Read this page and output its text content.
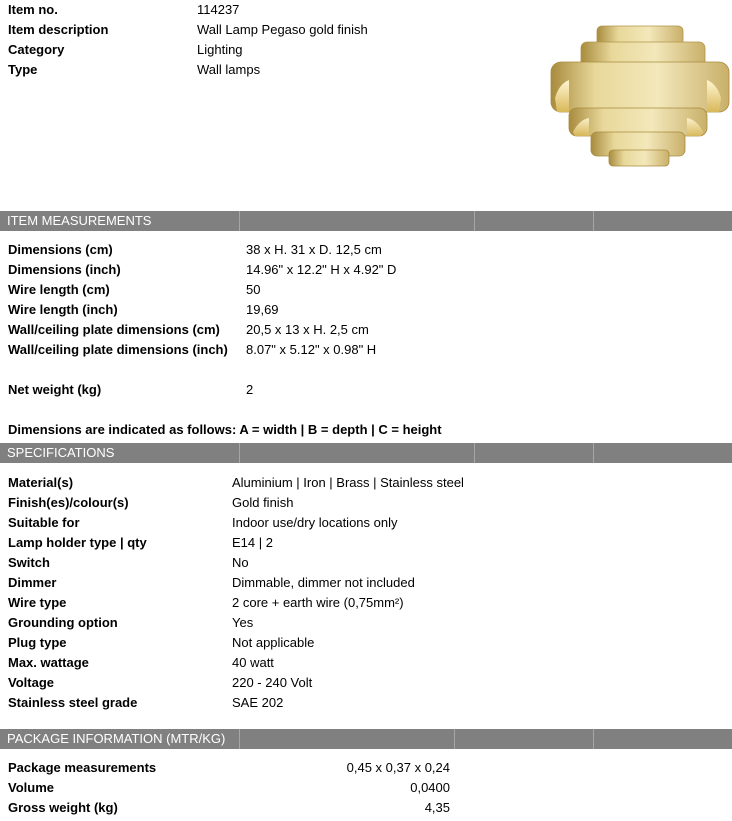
Item no.	114237
Item description	Wall Lamp Pegaso gold finish
Category	Lighting
Type	Wall lamps
ITEM MEASUREMENTS
Dimensions (cm)	38 x H. 31 x D. 12,5 cm
Dimensions (inch)	14.96" x 12.2" H x 4.92" D
Wire length (cm)	50
Wire length (inch)	19,69
Wall/ceiling plate dimensions (cm) 20,5 x 13 x H. 2,5 cm
Wall/ceiling plate dimensions (inch) 8.07" x 5.12" x 0.98" H
Net weight (kg)	2
Dimensions are indicated as follows: A = width | B = depth | C = height
SPECIFICATIONS
Material(s)	Aluminium | Iron | Brass | Stainless steel
Finish(es)/colour(s)	Gold finish
Suitable for	Indoor use/dry locations only
Lamp holder type | qty	E14 | 2
Switch	No
Dimmer	Dimmable, dimmer not included
Wire type	2 core + earth wire (0,75mm²)
Grounding option	Yes
Plug type	Not applicable
Max. wattage	40 watt
Voltage	220 - 240 Volt
Stainless steel grade	SAE 202
PACKAGE INFORMATION (MTR/KG)
Package measurements	0,45 x 0,37 x 0,24
Volume	0,0400
Gross weight (kg)	4,35
